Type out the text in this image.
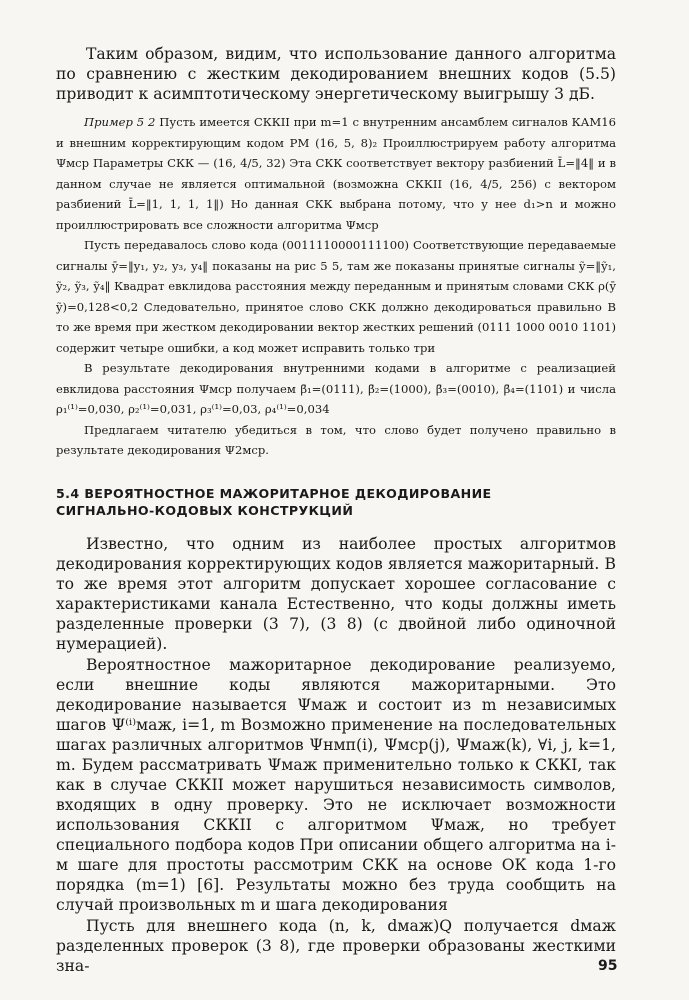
Таким образом, видим, что использование данного алгоритма по сравнению с жестким декодированием внешних кодов (5.5) приводит к асимптотическому энергетическому выигрышу 3 дБ.

Пример 5 2 Пусть имеется СККII при m=1 с внутренним ансамблем сигналов КАМ16 и внешним корректирующим кодом РМ (16, 5, 8)₂ Проиллюстрируем работу алгоритма Ψмср Параметры СКК — (16, 4/5, 32) Эта СКК соответствует вектору разбиений L̄=‖4‖ и в данном случае не является оптимальной (возможна СККII (16, 4/5, 256) с вектором разбиений L̄=‖1, 1, 1, 1‖) Но данная СКК выбрана потому, что у нее d₁>n и можно проиллюстрировать все сложности алгоритма Ψмср

Пусть передавалось слово кода (0011110000111100) Соответствующие передаваемые сигналы ȳ=‖y₁, y₂, y₃, y₄‖ показаны на рис 5 5, там же показаны принятые сигналы ỹ=‖ỹ₁, ỹ₂, ỹ₃, ỹ₄‖ Квадрат евклидова расстояния между переданным и принятым словами СКК ρ(ȳ ỹ)=0,128<0,2 Следовательно, принятое слово СКК должно декодироваться правильно В то же время при жестком декодировании вектор жестких решений (0111 1000 0010 1101) содержит четыре ошибки, а код может исправить только три

В результате декодирования внутренними кодами в алгоритме с реализацией евклидова расстояния Ψмср получаем β̄₁=(0111), β̄₂=(1000), β̄₃=(0010), β̄₄=(1101) и числа ρ₁⁽¹⁾=0,030, ρ₂⁽¹⁾=0,031, ρ₃⁽¹⁾=0,03, ρ₄⁽¹⁾=0,034

Предлагаем читателю убедиться в том, что слово будет получено правильно в результате декодирования Ψ2мср.

5.4 ВЕРОЯТНОСТНОЕ МАЖОРИТАРНОЕ ДЕКОДИРОВАНИЕ
СИГНАЛЬНО-КОДОВЫХ КОНСТРУКЦИЙ

Известно, что одним из наиболее простых алгоритмов декодирования корректирующих кодов является мажоритарный. В то же время этот алгоритм допускает хорошее согласование с характеристиками канала Естественно, что коды должны иметь разделенные проверки (3 7), (3 8) (с двойной либо одиночной нумерацией).

Вероятностное мажоритарное декодирование реализуемо, если внешние коды являются мажоритарными. Это декодирование называется Ψмаж и состоит из m независимых шагов Ψ⁽ⁱ⁾маж, i=1, m Возможно применение на последовательных шагах различных алгоритмов Ψнмп(i), Ψмср(j), Ψмаж(k), ∀i, j, k=1, m. Будем рассматривать Ψмаж применительно только к СККI, так как в случае СККII может нарушиться независимость символов, входящих в одну проверку. Это не исключает возможности использования СККII с алгоритмом Ψмаж, но требует специального подбора кодов При описании общего алгоритма на i-м шаге для простоты рассмотрим СКК на основе ОК кода 1-го порядка (m=1) [6]. Результаты можно без труда сообщить на случай произвольных m и шага декодирования

Пусть для внешнего кода (n, k, dмаж)Q получается dмаж разделенных проверок (3 8), где проверки образованы жесткими зна-	95
